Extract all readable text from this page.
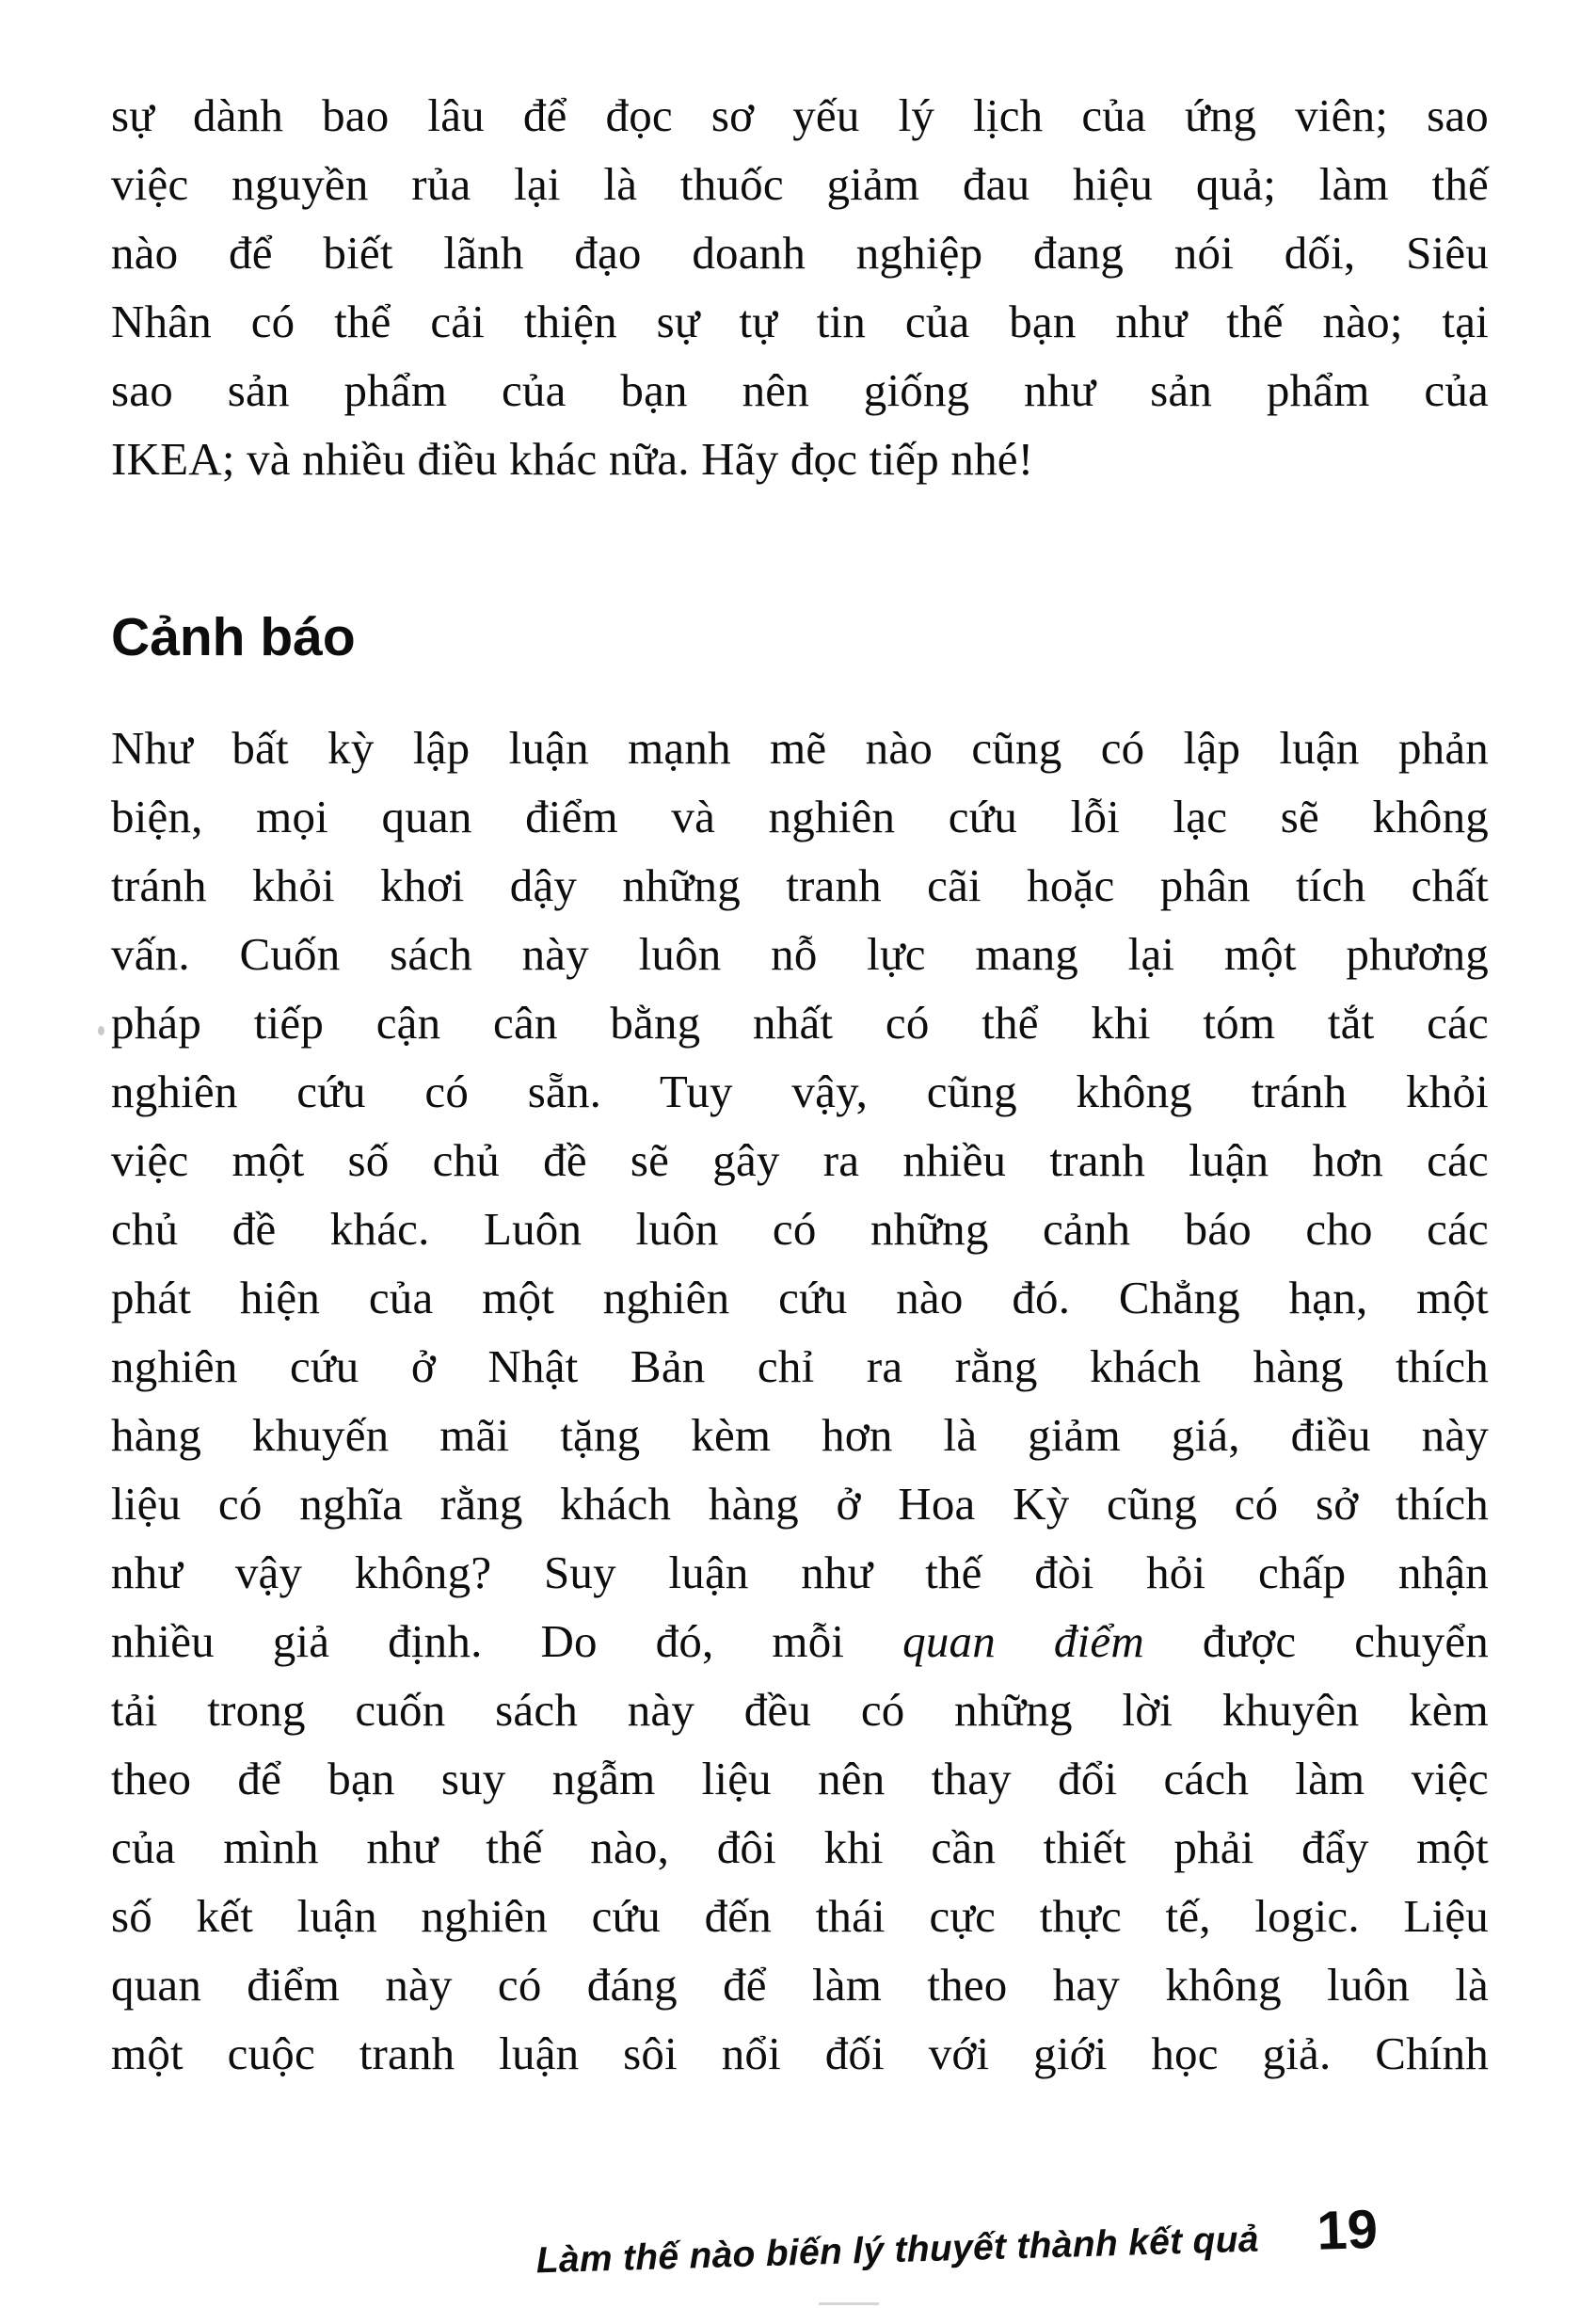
sự dành bao lâu để đọc sơ yếu lý lịch của ứng viên; sao
việc nguyền rủa lại là thuốc giảm đau hiệu quả; làm thế
nào để biết lãnh đạo doanh nghiệp đang nói dối, Siêu
Nhân có thể cải thiện sự tự tin của bạn như thế nào; tại
sao sản phẩm của bạn nên giống như sản phẩm của
IKEA; và nhiều điều khác nữa. Hãy đọc tiếp nhé!
Cảnh báo
Như bất kỳ lập luận mạnh mẽ nào cũng có lập luận phản
biện, mọi quan điểm và nghiên cứu lỗi lạc sẽ không
tránh khỏi khơi dậy những tranh cãi hoặc phân tích chất
vấn. Cuốn sách này luôn nỗ lực mang lại một phương
pháp tiếp cận cân bằng nhất có thể khi tóm tắt các
nghiên cứu có sẵn. Tuy vậy, cũng không tránh khỏi
việc một số chủ đề sẽ gây ra nhiều tranh luận hơn các
chủ đề khác. Luôn luôn có những cảnh báo cho các
phát hiện của một nghiên cứu nào đó. Chẳng hạn, một
nghiên cứu ở Nhật Bản chỉ ra rằng khách hàng thích
hàng khuyến mãi tặng kèm hơn là giảm giá, điều này
liệu có nghĩa rằng khách hàng ở Hoa Kỳ cũng có sở thích
như vậy không? Suy luận như thế đòi hỏi chấp nhận
nhiều giả định. Do đó, mỗi quan điểm được chuyển
tải trong cuốn sách này đều có những lời khuyên kèm
theo để bạn suy ngẫm liệu nên thay đổi cách làm việc
của mình như thế nào, đôi khi cần thiết phải đẩy một
số kết luận nghiên cứu đến thái cực thực tế, logic. Liệu
quan điểm này có đáng để làm theo hay không luôn là
một cuộc tranh luận sôi nổi đối với giới học giả. Chính
Làm thế nào biến lý thuyết thành kết quả 19
